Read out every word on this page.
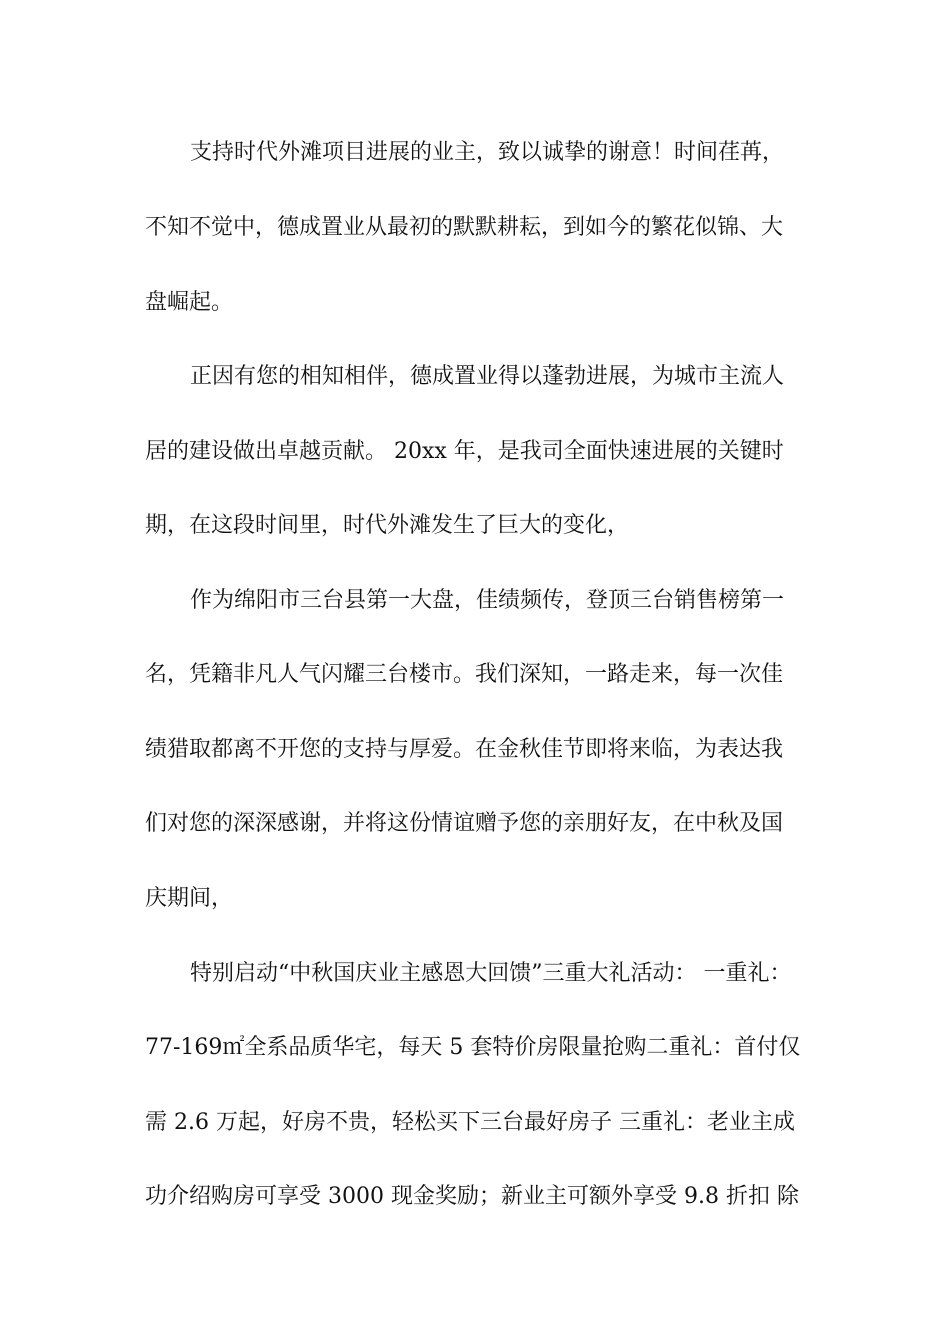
支持时代外滩项目进展的业主，致以诚挚的谢意！时间荏苒，
不知不觉中，德成置业从最初的默默耕耘，到如今的繁花似锦、大
盘崛起。
正因有您的相知相伴，德成置业得以蓬勃进展，为城市主流人
居的建设做出卓越贡献。 20xx 年，是我司全面快速进展的关键时
期，在这段时间里，时代外滩发生了巨大的变化，
作为绵阳市三台县第一大盘，佳绩频传，登顶三台销售榜第一
名，凭籍非凡人气闪耀三台楼市。我们深知，一路走来，每一次佳
绩猎取都离不开您的支持与厚爱。在金秋佳节即将来临，为表达我
们对您的深深感谢，并将这份情谊赠予您的亲朋好友，在中秋及国
庆期间，
特别启动“中秋国庆业主感恩大回馈”三重大礼活动： 一重礼：
77-169㎡全系品质华宅，每天 5 套特价房限量抢购二重礼：首付仅
需 2.6 万起，好房不贵，轻松买下三台最好房子 三重礼：老业主成
功介绍购房可享受 3000 现金奖励；新业主可额外享受 9.8 折扣 除
